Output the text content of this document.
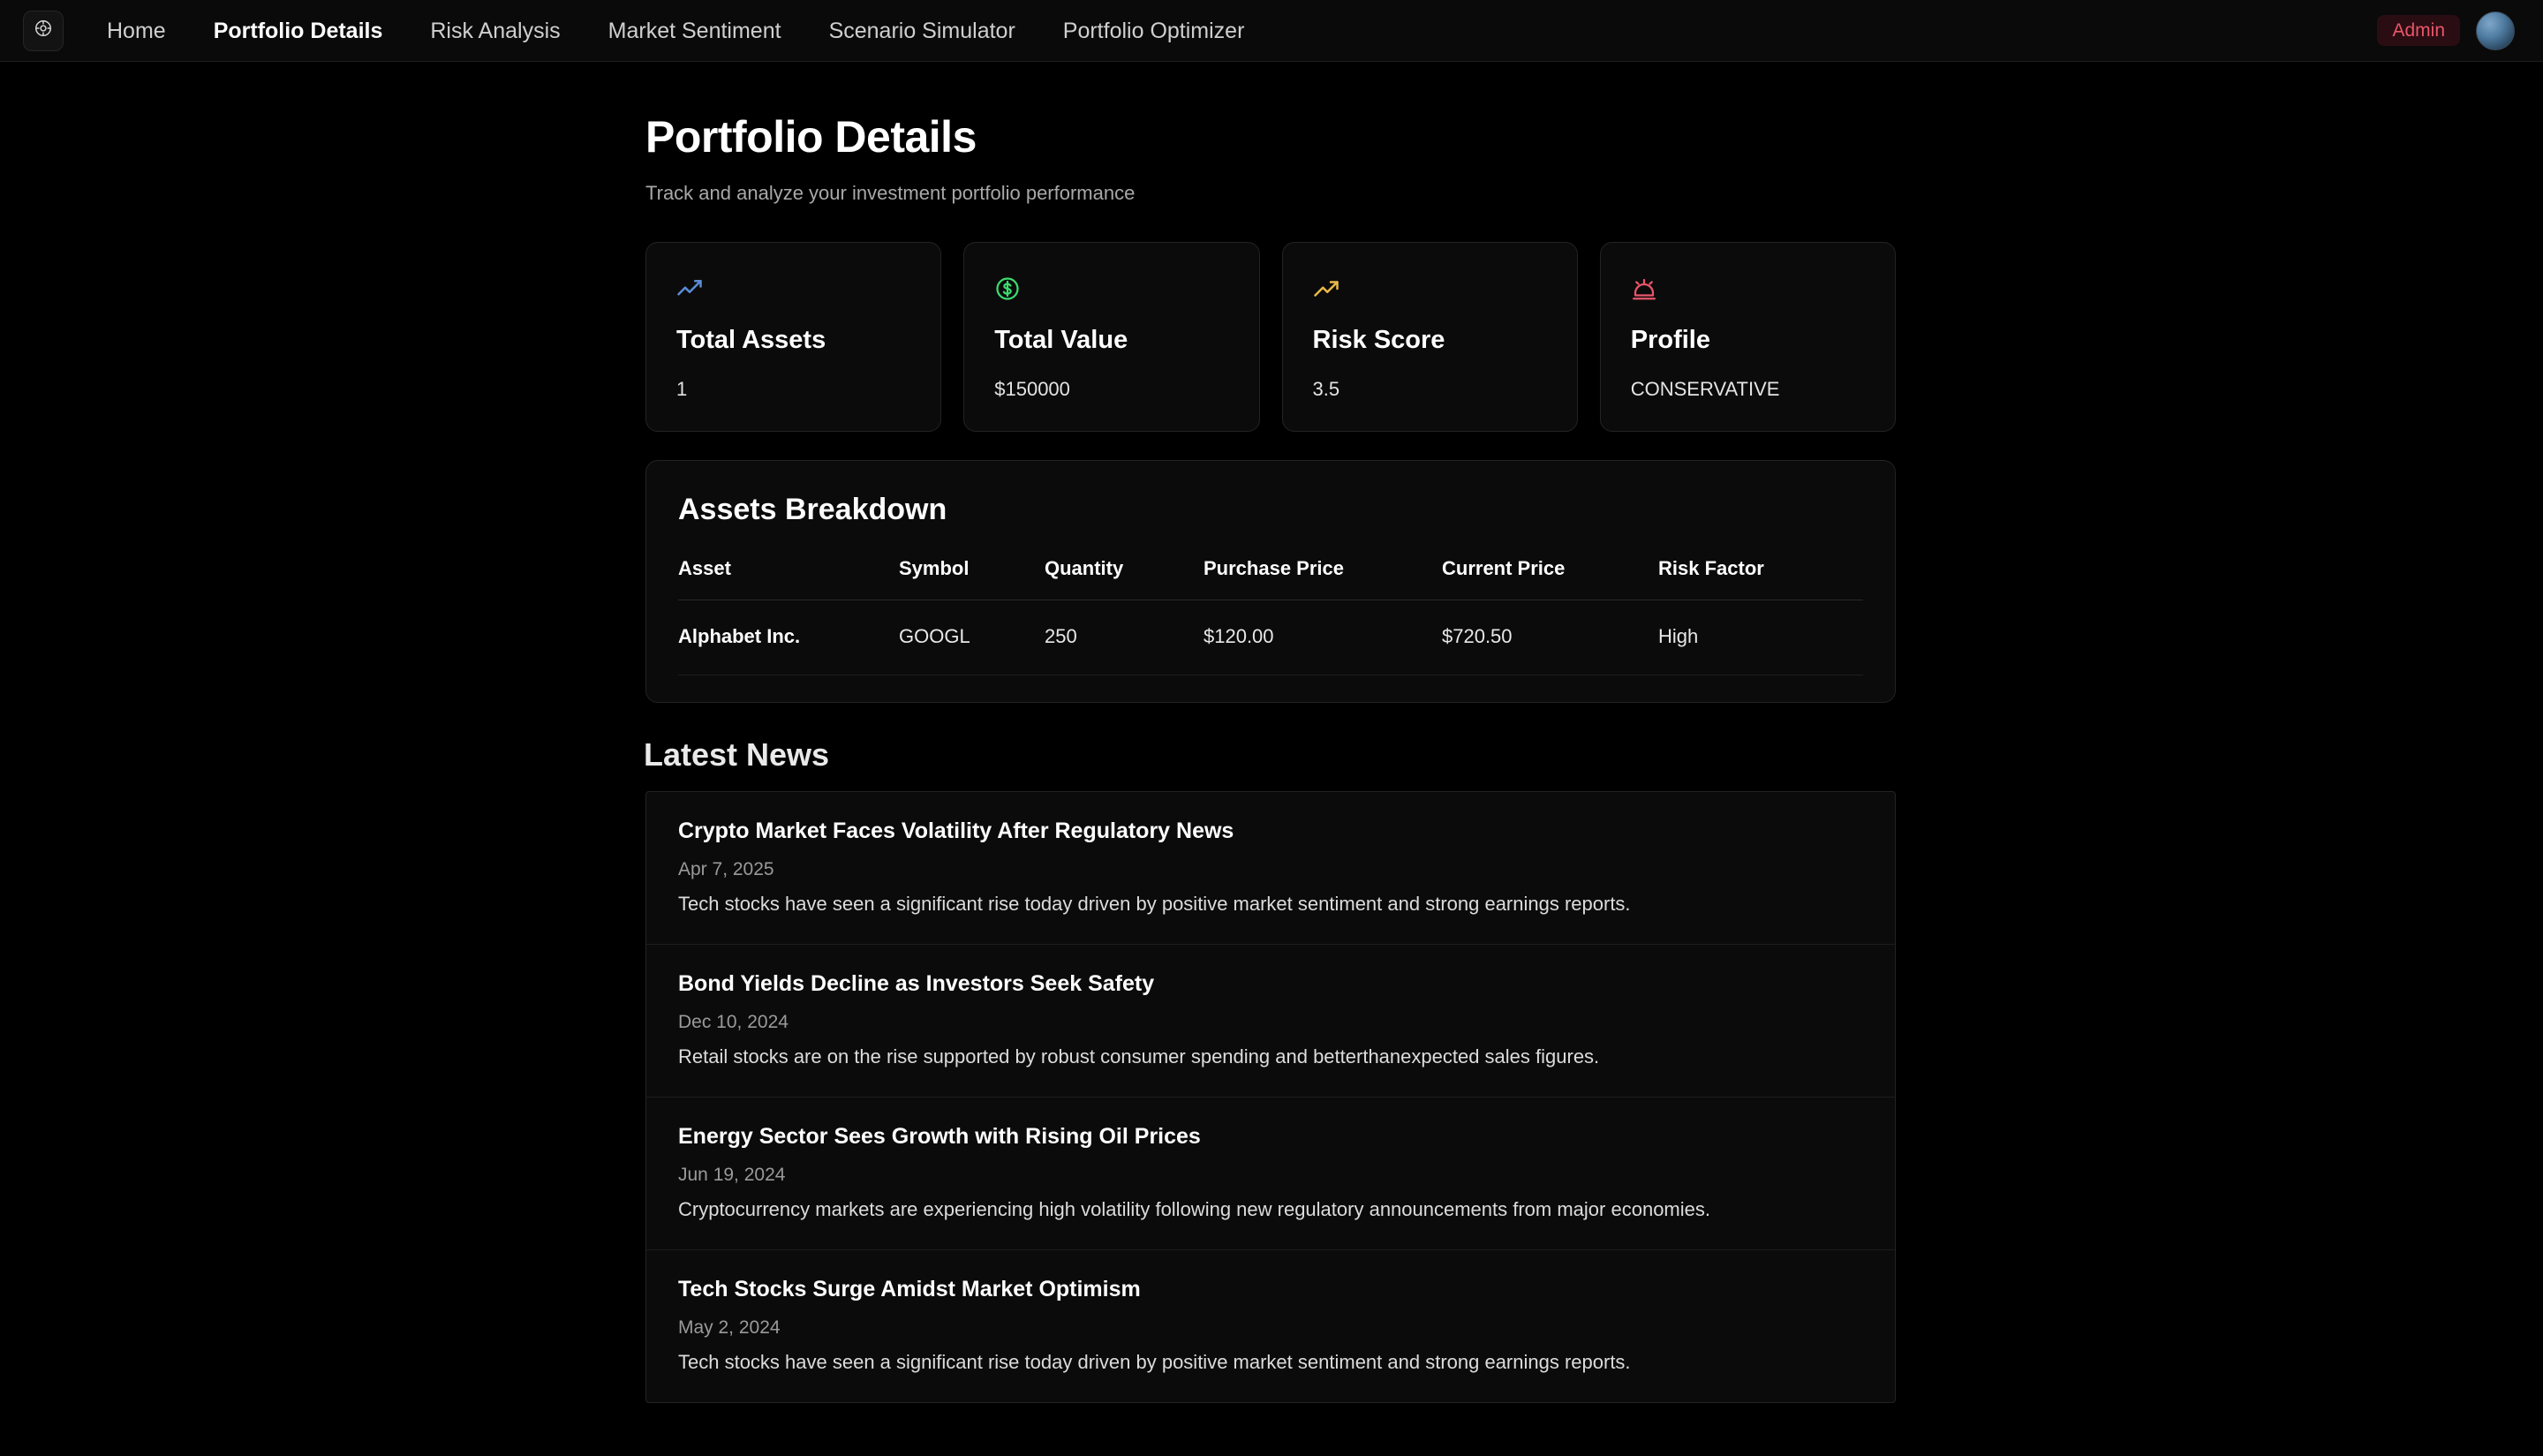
Home	Portfolio Details	Risk Analysis	Market Sentiment	Scenario Simulator	Portfolio Optimizer	Admin
Portfolio Details
Track and analyze your investment portfolio performance
Total Assets
1
Total Value
$150000
Risk Score
3.5
Profile
CONSERVATIVE
Assets Breakdown
Asset	Symbol	Quantity	Purchase Price	Current Price	Risk Factor
Alphabet Inc.	GOOGL	250	$120.00	$720.50	High
Latest News
Crypto Market Faces Volatility After Regulatory News
Apr 7, 2025
Tech stocks have seen a significant rise today driven by positive market sentiment and strong earnings reports.
Bond Yields Decline as Investors Seek Safety
Dec 10, 2024
Retail stocks are on the rise supported by robust consumer spending and betterthanexpected sales figures.
Energy Sector Sees Growth with Rising Oil Prices
Jun 19, 2024
Cryptocurrency markets are experiencing high volatility following new regulatory announcements from major economies.
Tech Stocks Surge Amidst Market Optimism
May 2, 2024
Tech stocks have seen a significant rise today driven by positive market sentiment and strong earnings reports.
